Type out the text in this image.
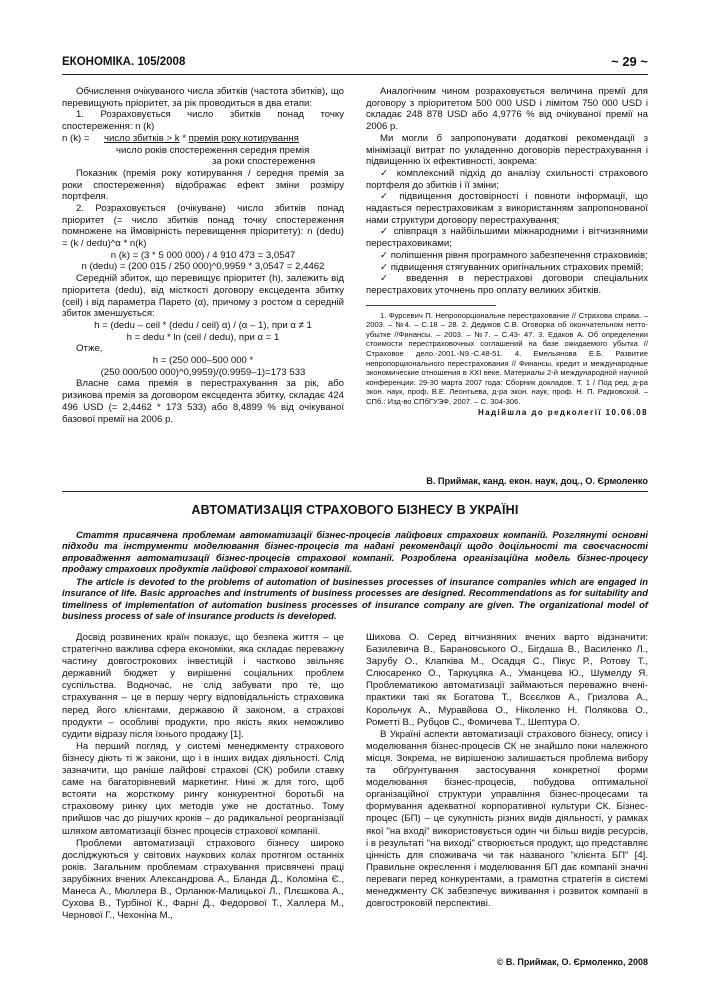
ЕКОНОМІКА. 105/2008	~ 29 ~

Обчислення очікуваного числа збитків (частота збитків), що перевищують пріоритет, за рік проводиться в два етапи:

1. Розраховується число збитків понад точку спостереження: n (k)

n (k) = число збитків > k * премія року котирування
число років спостереження середня премія
за роки спостереження

Показник (премія року котирування / середня премія за роки спостереження) відображає ефект зміни розміру портфеля.

2. Розраховується (очікуване) число збитків понад пріоритет (= число збитків понад точку спостереження помножене на ймовірність перевищення пріоритету): n (dedu) = (k / dedu)^α * n(k)

n (k) = (3 * 5 000 000) / 4 910 473 = 3,0547

n (dedu) = (200 015 / 250 000)^0,9959 * 3,0547 = 2,4462

Середній збиток, що перевищує пріоритет (h), залежить від пріоритета (dedu), від місткості договору ексцедента збитку (ceil) і від параметра Парето (α), причому з ростом α середній збиток зменшується:

h = (dedu – ceil * (dedu / ceil) α) / (α – 1), при α ≠ 1

h = dedu * ln (ceil / dedu), при α = 1

Отже,

h = (250 000–500 000 *

(250 000/500 000)^0,9959)/(0.9959–1)=173 533

Власне сама премія в перестрахування за рік, або ризикова премія за договором ексцедента збитку, складає 424 496 USD (= 2,4462 * 173 533) або 8,4899 % від очікуваної базової премії на 2006 р.

Аналогічним чином розраховується величина премії для договору з пріоритетом 500 000 USD і лімітом 750 000 USD і складає 248 878 USD або 4,9776 % від очікуваної премії на 2006 р.

Ми могли б запропонувати додаткові рекомендації з мінімізації витрат по укладенню договорів перестрахування і підвищенню їх ефективності, зокрема:

✓ комплексний підхід до аналізу схильності страхового портфеля до збитків і її зміни;

✓ підвищення достовірності і повноти інформації, що надається перестраховикам з використанням запропонованої нами структури договору перестрахування;

✓ співпраця з найбільшими міжнародними і вітчизняними перестраховиками;

✓ поліпшення рівня програмного забезпечення страховиків;

✓ підвищення стягуванних оригінальних страхових премій;

✓ введення в перестрахові договори спеціальних перестрахових уточнень про оплату великих збитків.

1. Фурсевич П. Непропорціональне перестрахование // Страхова справа. – 2003. – №4. – С.18 – 28. 2. Дедиков С.В. Оговорка об окончательном нетто-убытке //Финансы. – 2003. – №7. – С.43- 47. 3. Едаков А. Об определении стоимости перестраховочных соглашений на базе ожидаемого убытка // Страховое дело.-2001.-N9.-С.48-51. 4. Емельянова Е.Б. Развитие непропорционального перестрахования // Финансы, кредит и международные экономические отношения в XXI веке. Материалы 2-й международной научной конференции. 29-30 марта 2007 года: Сборник докладов. Т. 1 / Под ред. д-ра экон. наук, проф. В.Е. Леонтьева, д-ра экон. наук, проф. Н. П. Радковской. – СПб.: Изд-во СПбГУЭФ, 2007. – С. 304-306.

Надійшла до редколегії 10.06.08

В. Приймак, канд. екон. наук, доц., О. Єрмоленко
АВТОМАТИЗАЦІЯ СТРАХОВОГО БІЗНЕСУ В УКРАЇНІ

Стаття присвячена проблемам автоматизації бізнес-процесів лайфових страхових компаній. Розглянуті основні підходи та інструменти моделювання бізнес-процесів та надані рекомендації щодо доцільності та своєчасності впровадження автоматизації бізнес-процесів страхової компанії. Розроблена організаційна модель бізнес-процесу продажу страхових продуктів лайфової страхової компанії.

The article is devoted to the problems of automation of businesses processes of insurance companies which are engaged in insurance of life. Basic approaches and instruments of business processes are designed. Recommendations as for suitability and timeliness of implementation of automation business processes of insurance company are given. The organizational model of business process of sale of insurance products is developed.

Досвід розвинених країн показує, що безпека життя – це стратегічно важлива сфера економіки, яка складає переважну частину довгострокових інвестицій і частково звільняє державний бюджет у вирішенні соціальних проблем суспільства. Водночас, не слід забувати про те, що страхування – це в першу чергу відповідальність страховика перед його клієнтами, державою й законом, а страхові продукти – особливі продукти, про якість яких неможливо судити відразу після їхнього продажу [1].

На перший погляд, у системі менеджменту страхового бізнесу діють ті ж закони, що і в інших видах діяльності. Слід зазначити, що раніше лайфові страхові (СК) робили ставку саме на багаторівневий маркетинг. Нині ж для того, щоб встояти на жорсткому рингу конкурентної боротьбі на страховому ринку цих методів уже не достатньо. Тому прийшов час до рішучих кроків – до радикальної реорганізації шляхом автоматизації бізнес процесів страхової компанії.

Проблеми автоматизації страхового бізнесу широко досліджуються у світових наукових колах протягом останніх років. Загальним проблемам страхування присвячені праці зарубіжних вчених Александрова А., Бланда Д., Коломіна Є., Манеса А., Мюллера В., Орланюк-Малицької Л., Плєшкова А., Сухова В., Турбіної К., Фарні Д., Федорової Т., Халлера М., Чернової Г., Чехоніна М.,

Шихова О. Серед вітчизняних вчених варто відзначити: Базилевича В., Барановського О., Бігдаша В., Василенко Л., Зарубу О., Клапківа М., Осадця С., Пікус Р., Ротову Т., Слюсаренко О., Таркуцяка А., Уманцева Ю., Шумелду Я. Проблематикою автоматизації займаються переважно вчені-практики такі як Богатова Т., Всєєлков А., Гризлова А., Корольчук А., Муравйова О., Ніколенко Н. Полякова О., Рометтi В., Рубцов С., Фомичева Т., Шептура О.

В Україні аспекти автоматизації страхового бізнесу, опису і моделювання бізнес-процесів СК не знайшло поки належного місця. Зокрема, не вирішеною залишається проблема вибору та обґрунтування застосування конкретної форми моделювання бізнес-процесів, побудова оптимальної організаційної структури управління бізнес-процесами та формування адекватної корпоративної культури СК. Бізнес-процес (БП) – це сукупність різних видів діяльності, у рамках якої "на вході" використовується один чи більш видів ресурсів, і в результаті "на виході" створюється продукт, що представляє цінність для споживача чи так названого "клієнта БП" [4]. Правильне окреслення і моделювання БП дає компанії значні переваги перед конкурентами, а грамотна стратегія в системі менеджменту СК забезпечує виживання і розвиток компанії в довгостроковій перспективі.

© В. Приймак, О. Єрмоленко, 2008
